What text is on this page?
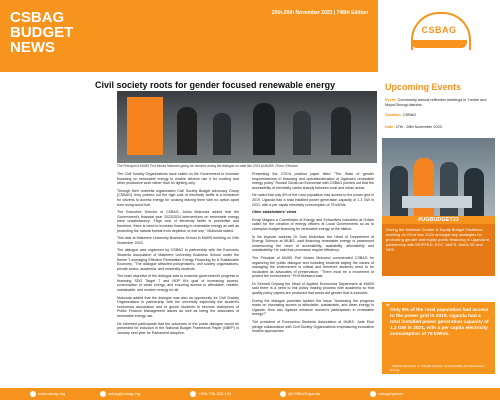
CSBAG
BUDGET
NEWS
20th-26th November 2023 | 748th Edition
CSBAG
Civil society roots for gender focused renewable energy
The Principal of MUBS Prof Moses Muhwezi giving his remarks during the dialogue on wide film 2024 at MUBS. Photo: Elesham

The Civil Society Organizations have called on the Government to increase financing on renewable energy to enable citizens use it for cooking and other productive work rather than for lighting only.

Through their umbrella organization Civil Society Budget Advocacy Group (CSBAG), they pointed out the high cost of electricity tariffs is a hindrance for citizens to access energy for cooking leaving them with no option apart from using wood fuel.

The Executive Director of CSBAG, Julius Mukunda added that the Government's financial year 2023/2024 interventions on renewable energy were unsatisfactory. "High cost of electricity tariffs is prohibitive and therefore, there is need to increase financing in renewable energy as well as protecting the natural forests from depletion or fuel use," Mukunda stated.

This was at Makerere University Business School in MUBS building on 24th November 2023.

The dialogue was organized by CSBAG in partnership with the Economic Students Association of Makerere University Business School under the theme "Leveraging Effective Renewable Energy Financing for A Sustainable Economy. "The dialogue attracted policymakers, civil society organizations, private sector, academia, and university students.

The main objective of the dialogue was to examine government's progress in financing SDG Target 7 and NDP III's goal of increasing access, consumption of clean energy, and ensuring access to affordable, reliable, sustainable, and modern energy for all.

Mukunda added that the dialogue was also an opportunity for Civil Society Organizations in partnership with the university especially the student's economics association and to groom students to become champions of Public Finance Management issues as well as being the advocates of renewable energy use.

He informed participants that the outcomes of the public dialogue would be presented for inclusion in the National Budget Framework Paper (NBFP) in January next year for Parliament adoption.

Presenting the CSO's position paper titled "The State of gender responsiveness in financing and operationalization of Uganda's renewable energy policy" Ronald Ochan an Economist with CSBAG pointed out that the accessibility of electricity varies sharply between rural and urban areas.

He noted that only 8% of the rural population had access to the power grid in 2019. Uganda had a total installed power generation capacity of 1.3 GW in 2021, with a per capita electricity consumption of 75 kWh/s.

Other stakeholders' views

Emaji Magara a Coordinator of Energy and Extractives industries at Oxfam called for the creation of energy officers at Local Governments so as to champion budget financing for renewable energy at the district.

In his keynote address Dr Sam Mulindwa, the Head of Department of Energy Science at MUBS, said financing renewable energy is paramount underscoring the need of accessibility, availability, affordability and sustainability. He said that processes require efficiency.

The Principal of MUBS Prof Moses Muhwezi commended CSBAG for organizing the public dialogue and including students saying the issues of managing the environment is critical and therefore students need to be inculcated as advocates of preservation. "There must be a movement to protect the environment," Prof Muhwezi said.

Dr Sennett Onyang the Head of Applied Economics Department at MUBS said there is a need to link policy making process with academia so that quality policy papers are produced that would aid gender that is inclusive.

During the dialogue panelists tackled the issue "Assessing the progress made on increasing access to affordable, sustainable, and clean energy in Uganda. How can Uganda enhance women's participation in renewable energy?"

The president of Economics Students Association at MUBS, Jude Ekot pledge collaboration with Civil Society Organizations emphasizing innovative models approaches.

Upcoming Events
Event: Community annual reflection meetings in Yumbe and Moyo/Obongi districts.
Duration: CSBAG
Date: 27th - 28th November 2023
#UGBUDGET23

During the National Gender & Equity Budget Taskforce meeting on 22nd Nov 2023 amongst key strategies for promoting gender and equity public financing in Uganda in partnership with MOPFED, EOC, MoFS, MoGLSD and NPA

" Only 8% of the rural population had access to the power grid in 2019. Uganda had a total installed power generation capacity of 1.3 GW in 2021, with a per capita electricity consumption of 75 kWh/s.
- CSBAG Research on Climate Finance, Accountability and Renewable Energy.
www.csbag.org	csbag@csbag.org	+256-755-302-154	@CSBAGUganda	csbagUganda
